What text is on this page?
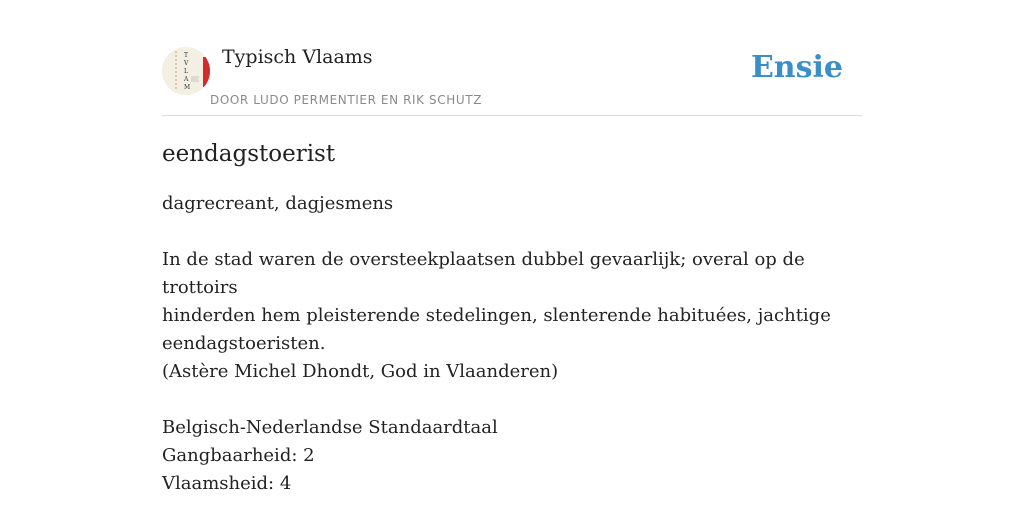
T
V
L
A
M
Typisch Vlaams
DOOR LUDO PERMENTIER EN RIK SCHUTZ
Ensie
eendagstoerist
dagrecreant, dagjesmens
In de stad waren de oversteekplaatsen dubbel gevaarlijk; overal op de trottoirs
hinderden hem pleisterende stedelingen, slenterende habituées, jachtige
eendagstoeristen.
(Astère Michel Dhondt, God in Vlaanderen)
Belgisch-Nederlandse Standaardtaal
Gangbaarheid: 2
Vlaamsheid: 4
